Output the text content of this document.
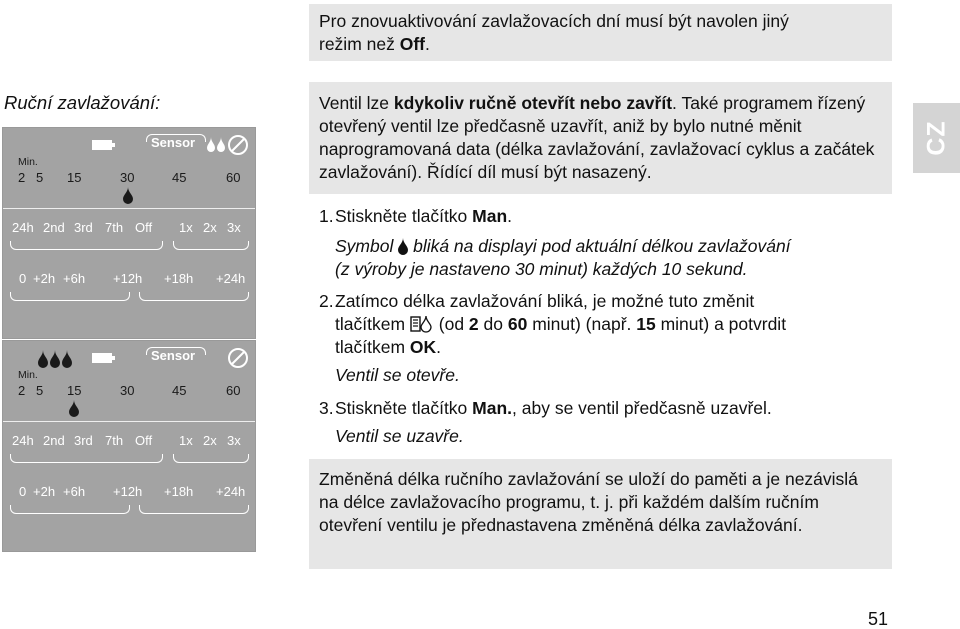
Pro znovuaktivování zavlažovacích dní musí být navolen jiný
režim než Off.
Ruční zavlažování:
CZ
Ventil lze kdykoliv ručně otevřít nebo zavřít. Také programem řízený otevřený ventil lze předčasně uzavřít, aniž by bylo nutné měnit naprogramovaná data (délka zavlažování, zavlažovací cyklus a začátek zavlažování). Řídící díl musí být nasazený.
1.Stiskněte tlačítko Man.
Symbol  bliká na displayi pod aktuální délkou zavlažování
(z výroby je nastaveno 30 minut) každých 10 sekund.
2.Zatímco délka zavlažování bliká, je možné tuto změnit
tlačítkem  (od 2 do 60 minut) (např. 15 minut) a potvrdit
tlačítkem OK.
Ventil se otevře.
3.Stiskněte tlačítko Man., aby se ventil předčasně uzavřel.
Ventil se uzavře.
Změněná délka ručního zavlažování se uloží do paměti a je nezávislá na délce zavlažovacího programu, t. j. při každém dalším ručním otevření ventilu je přednastavena změněná délka zavlažování.
Sensor
Min.
2 5 15	30	45	60
24h 2nd 3rd 7th Off 1x 2x 3x
0 +2h +6h +12h +18h +24h
Sensor
Min.
2 5 15	30	45	60
24h 2nd 3rd 7th Off 1x 2x 3x
0 +2h +6h +12h +18h +24h
51
